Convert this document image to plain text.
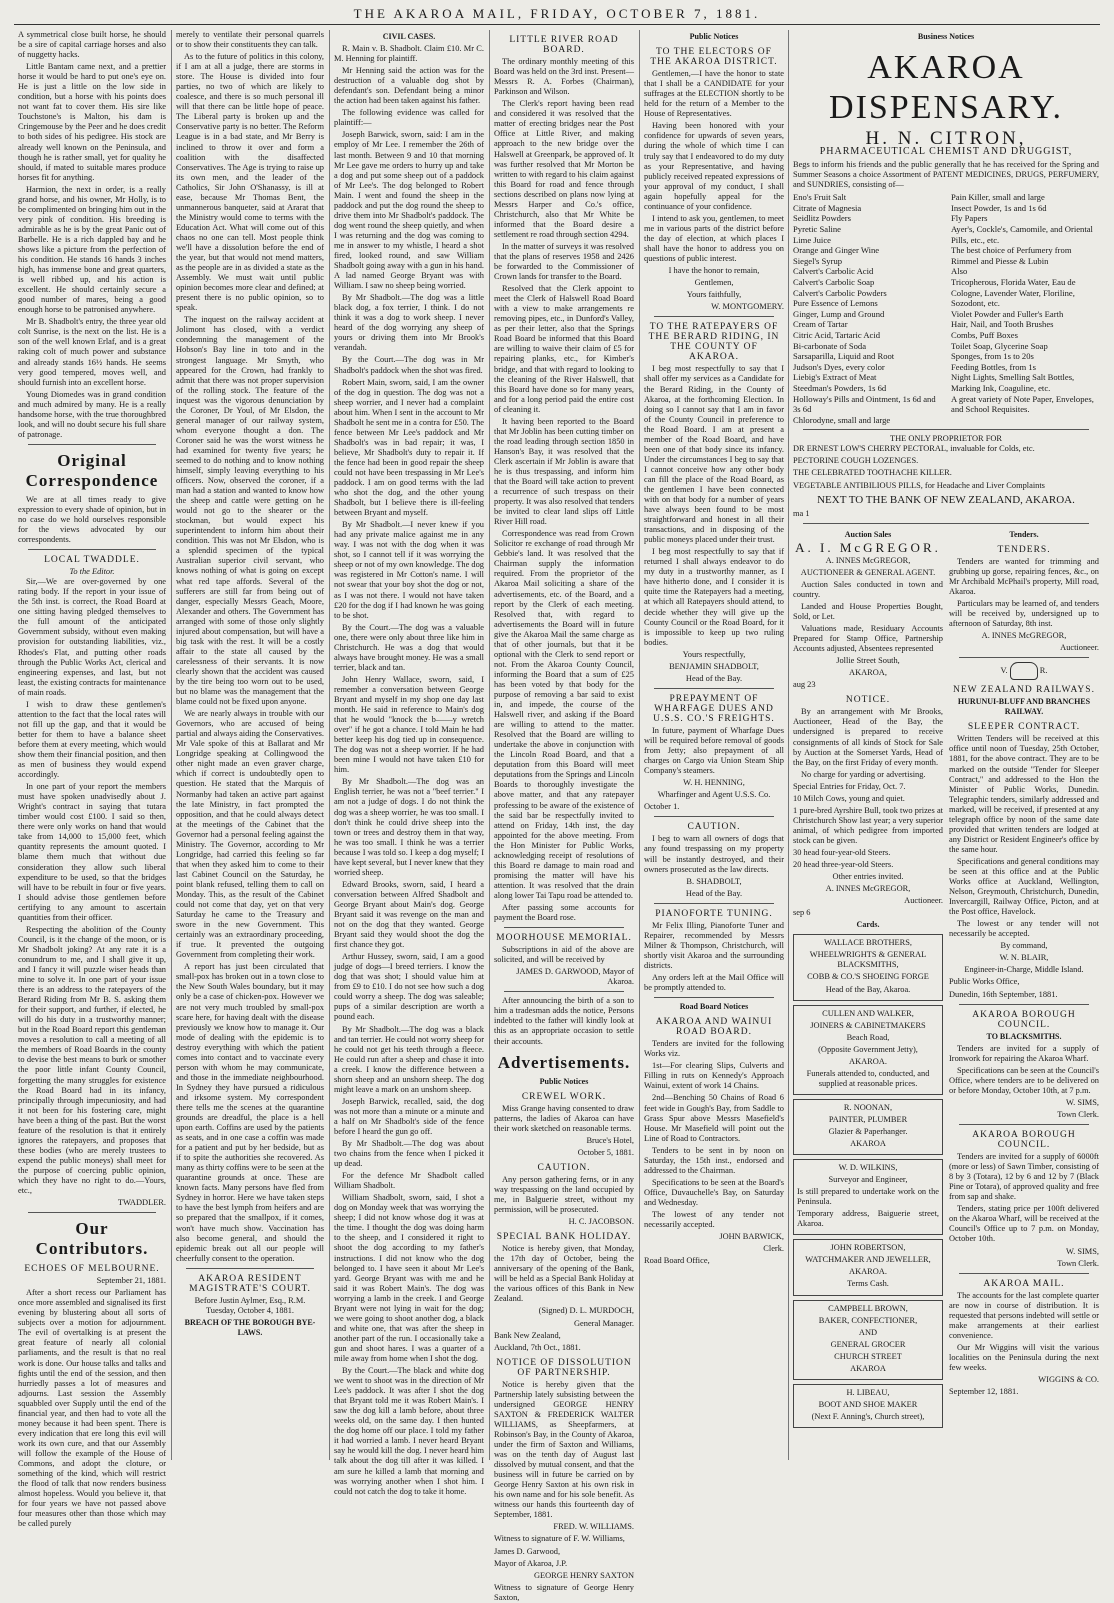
THE AKAROA MAIL, FRIDAY, OCTOBER 7, 1881.

A symmetrical close built horse, he should be a sire of capital carriage horses and also of nuggetty hacks.

Little Bantam came next, and a prettier horse it would be hard to put one's eye on. He is just a little on the low side in condition, but a horse with his points does not want fat to cover them. His sire like Touchstone's is Malton, his dam is Cringemouse by the Peer and he does credit to both sides of his pedigree. His stock are already well known on the Peninsula, and though he is rather small, yet for quality he should, if mated to suitable mares produce horses fit for anything.

Harmion, the next in order, is a really grand horse, and his owner, Mr Holly, is to be complimented on bringing him out in the very pink of condition. His breeding is admirable as he is by the great Panic out of Barbelle. He is a rich dappled bay and he shows like a picture from the perfection of his condition. He stands 16 hands 3 inches high, has immense bone and great quarters, is well ribbed up, and his action is excellent. He should certainly secure a good number of mares, being a good enough horse to be patronised anywhere.

Mr B. Shadbolt's entry, the three year old colt Sunrise, is the next on the list. He is a son of the well known Erlaf, and is a great raking colt of much power and substance and already stands 16½ hands. He seems very good tempered, moves well, and should furnish into an excellent horse.

Young Diomedes was in grand condition and much admired by many. He is a really handsome horse, with the true thoroughbred look, and will no doubt secure his full share of patronage.

Original Correspondence

We are at all times ready to give expression to every shade of opinion, but in no case do we hold ourselves responsible for the views advocated by our correspondents.

LOCAL TWADDLE.
To the Editor.

Sir,—We are over-governed by one rating body. If the report in your issue of the 5th inst. is correct, the Road Board at one sitting having pledged themselves to the full amount of the anticipated Government subsidy, without even making provision for outstanding liabilities, viz., Rhodes's Flat, and putting other roads through the Public Works Act, clerical and engineering expenses, and last, but not least, the existing contracts for maintenance of main roads.

I wish to draw these gentlemen's attention to the fact that the local rates will not fill up the gap, and that it would be better for them to have a balance sheet before them at every meeting, which would show them their financial position, and then as men of business they would expend accordingly.

In one part of your report the members must have spoken unadvisedly about J. Wright's contract in saying that tutara timber would cost £100. I said so then, there were only works on hand that would take from 14,000 to 15,000 feet, which quantity represents the amount quoted. I blame them much that without due consideration they allow such liberal expenditure to be used, so that the bridges will have to be rebuilt in four or five years. I should advise those gentlemen before certifying to any amount to ascertain quantities from their officer.

Respecting the abolition of the County Council, is it the change of the moon, or is Mr Shadbolt joking? At any rate it is a conundrum to me, and I shall give it up, and I fancy it will puzzle wiser heads than mine to solve it. In one part of your issue there is an address to the ratepayers of the Berard Riding from Mr B. S. asking them for their support, and further, if elected, he will do his duty in a trustworthy manner; but in the Road Board report this gentleman moves a resolution to call a meeting of all the members of Road Boards in the county to devise the best means to burk or smother the poor little infant County Council, forgetting the many struggles for existence the Road Board had in its infancy, principally through impecuniosity, and had it not been for his fostering care, might have been a thing of the past. But the worst feature of the resolution is that it entirely ignores the ratepayers, and proposes that these bodies (who are merely trustees to expend the public moneys) shall meet for the purpose of coercing public opinion, which they have no right to do.—Yours, etc.,

TWADDLER.

Our Contributors.
ECHOES OF MELBOURNE.

September 21, 1881.

After a short recess our Parliament has once more assembled and signalised its first evening by blustering about all sorts of subjects over a motion for adjournment. The evil of overtalking is at present the great feature of nearly all colonial parliaments, and the result is that no real work is done. Our house talks and talks and fights until the end of the session, and then hurriedly passes a lot of measures and adjourns. Last session the Assembly squabbled over Supply until the end of the financial year, and then had to vote all the money because it had been spent. There is every indication that ere long this evil will work its own cure, and that our Assembly will follow the example of the House of Commons, and adopt the cloture, or something of the kind, which will restrict the flood of talk that now renders business almost hopeless. Would you believe it, that for four years we have not passed above four measures other than those which may be called purely

merely to ventilate their personal quarrels or to show their constituents they can talk.

As to the future of politics in this colony, if I am at all a judge, there are storms in store. The House is divided into four parties, no two of which are likely to coalesce, and there is so much personal ill will that there can be little hope of peace. The Liberal party is broken up and the Conservative party is no better. The Reform League is in a bad state, and Mr Berry is inclined to throw it over and form a coalition with the disaffected Conservatives. The Age is trying to raise up its own men, and the leader of the Catholics, Sir John O'Shanassy, is ill at ease, because Mr Thomas Bent, the unmannerous banqueter, said at Ararat that the Ministry would come to terms with the Education Act. What will come out of this chaos no one can tell. Most people think we'll have a dissolution before the end of the year, but that would not mend matters, as the people are in as divided a state as the Assembly. We must wait until public opinion becomes more clear and defined; at present there is no public opinion, so to speak.

The inquest on the railway accident at Jolimont has closed, with a verdict condemning the management of the Hobson's Bay line in toto and in the strongest language. Mr Smyth, who appeared for the Crown, had frankly to admit that there was not proper supervision of the rolling stock. The feature of the inquest was the vigorous denunciation by the Coroner, Dr Youl, of Mr Elsdon, the general manager of our railway system, whom everyone thought a don. The Coroner said he was the worst witness he had examined for twenty five years; he seemed to do nothing and to know nothing himself, simply leaving everything to his officers. Now, observed the coroner, if a man had a station and wanted to know how the sheep and cattle were getting on he would not go to the shearer or the stockman, but would expect his superintendent to inform him about their condition. This was not Mr Elsdon, who is a splendid specimen of the typical Australian superior civil servant, who knows nothing of what is going on except what red tape affords. Several of the sufferers are still far from being out of danger, especially Messrs Geach, Moore, Alexander and others. The Government has arranged with some of those only slightly injured about compensation, but will have a big task with the rest. It will be a costly affair to the state all caused by the carelessness of their servants. It is now clearly shown that the accident was caused by the tire being too worn out to be used, but no blame was the management that the blame could not be fixed upon anyone.

We are nearly always in trouble with our Governors, who are accused of being partial and always aiding the Conservatives. Mr Vale spoke of this at Ballarat and Mr Longridge speaking at Collingwood the other night made an even graver charge, which if correct is undoubtedly open to question. He stated that the Marquis of Normanby had taken an active part against the late Ministry, in fact prompted the opposition, and that he could always detect at the meetings of the Cabinet that the Governor had a personal feeling against the Ministry. The Governor, according to Mr Longridge, had carried this feeling so far that when they asked him to come to their last Cabinet Council on the Saturday, he point blank refused, telling them to call on Monday. This, as the result of the Cabinet could not come that day, yet on that very Saturday he came to the Treasury and swore in the new Government. This certainly was an extraordinary proceeding, if true. It prevented the outgoing Government from completing their work.

A report has just been circulated that small-pox has broken out in a town close to the New South Wales boundary, but it may only be a case of chicken-pox. However we are not very much troubled by small-pox scare here, for having dealt with the disease previously we know how to manage it. Our mode of dealing with the epidemic is to destroy everything with which the patient comes into contact and to vaccinate every person with whom he may communicate, and those in the immediate neighbourhood. In Sydney they have pursued a ridiculous and irksome system. My correspondent there tells me the scenes at the quarantine grounds are dreadful, the place is a hell upon earth. Coffins are used by the patients as seats, and in one case a coffin was made for a patient and put by her bedside, but as if to spite the authorities she recovered. As many as thirty coffins were to be seen at the quarantine grounds at once. These are known facts. Many persons have fled from Sydney in horror. Here we have taken steps to have the best lymph from heifers and are so prepared that the smallpox, if it comes, won't have much show. Vaccination has also become general, and should the epidemic break out all our people will cheerfully consent to the operation.

AKAROA RESIDENT MAGISTRATE'S COURT.
Before Justin Aylmer, Esq., R.M.
Tuesday, October 4, 1881.
BREACH OF THE BOROUGH BYE-LAWS.
CIVIL CASES.

R. Main v. B. Shadbolt. Claim £10. Mr C. M. Henning for plaintiff.

Mr Henning said the action was for the destruction of a valuable dog shot by defendant's son. Defendant being a minor the action had been taken against his father.

The following evidence was called for plaintiff:—

Joseph Barwick, sworn, said: I am in the employ of Mr Lee. I remember the 26th of last month. Between 9 and 10 that morning Mr Lee gave me orders to hurry up and take a dog and put some sheep out of a paddock of Mr Lee's. The dog belonged to Robert Main. I went and found the sheep in the paddock and put the dog round the sheep to drive them into Mr Shadbolt's paddock. The dog went round the sheep quietly, and when I was returning and the dog was coming to me in answer to my whistle, I heard a shot fired, looked round, and saw William Shadbolt going away with a gun in his hand. A lad named George Bryant was with William. I saw no sheep being worried.

By Mr Shadbolt.—The dog was a little black dog, a fox terrier, I think. I do not think it was a dog to work sheep. I never heard of the dog worrying any sheep of yours or driving them into Mr Brook's verandah.

By the Court.—The dog was in Mr Shadbolt's paddock when the shot was fired.

Robert Main, sworn, said, I am the owner of the dog in question. The dog was not a sheep worrier, and I never had a complaint about him. When I sent in the account to Mr Shadbolt he sent me in a contra for £50. The fence between Mr Lee's paddock and Mr Shadbolt's was in bad repair; it was, I believe, Mr Shadbolt's duty to repair it. If the fence had been in good repair the sheep could not have been trespassing in Mr Lee's paddock. I am on good terms with the lad who shot the dog, and the other young Shadbolt, but I believe there is ill-feeling between Bryant and myself.

By Mr Shadbolt.—I never knew if you had any private malice against me in any way. I was not with the dog when it was shot, so I cannot tell if it was worrying the sheep or not of my own knowledge. The dog was registered in Mr Cotton's name. I will not swear that your boy shot the dog or not, as I was not there. I would not have taken £20 for the dog if I had known he was going to be shot.

By the Court.—The dog was a valuable one, there were only about three like him in Christchurch. He was a dog that would always have brought money. He was a small terrier, black and tan.

John Henry Wallace, sworn, said, I remember a conversation between George Bryant and myself in my shop one day last month. He said in reference to Main's dog that he would "knock the b——y wretch over" if he got a chance. I told Main he had better keep his dog tied up in consequence. The dog was not a sheep worrier. If he had been mine I would not have taken £10 for him.

By Mr Shadbolt.—The dog was an English terrier, he was not a "beef terrier." I am not a judge of dogs. I do not think the dog was a sheep worrier, he was too small. I don't think he could drive sheep into the town or trees and destroy them in that way, he was too small. I think he was a terrier because I was told so. I keep a dog myself; I have kept several, but I never knew that they worried sheep.

Edward Brooks, sworn, said, I heard a conversation between Alfred Shadbolt and George Bryant about Main's dog. George Bryant said it was revenge on the man and not on the dog that they wanted. George Bryant said they would shoot the dog the first chance they got.

Arthur Hussey, sworn, said, I am a good judge of dogs—I breed terriers. I know the dog that was shot; I should value him at from £9 to £10. I do not see how such a dog could worry a sheep. The dog was saleable; pups of a similar description are worth a pound each.

By Mr Shadbolt.—The dog was a black and tan terrier. He could not worry sheep for he could not get his teeth through a fleece. He could run after a sheep and chase it into a creek. I know the difference between a shorn sheep and an unshorn sheep. The dog might leave a mark on an unshorn sheep.

Joseph Barwick, recalled, said, the dog was not more than a minute or a minute and a half on Mr Shadbolt's side of the fence before I heard the gun go off.

By Mr Shadbolt.—The dog was about two chains from the fence when I picked it up dead.

For the defence Mr Shadbolt called William Shadbolt.

William Shadbolt, sworn, said, I shot a dog on Monday week that was worrying the sheep; I did not know whose dog it was at the time. I thought the dog was doing harm to the sheep, and I considered it right to shoot the dog according to my father's instructions. I did not know who the dog belonged to. I have seen it about Mr Lee's yard. George Bryant was with me and he said it was Robert Main's. The dog was worrying a lamb in the creek. I and George Bryant were not lying in wait for the dog; we were going to shoot another dog, a black and white one, that was after the sheep in another part of the run. I occasionally take a gun and shoot hares. I was a quarter of a mile away from home when I shot the dog.

By the Court.—The black and white dog we went to shoot was in the direction of Mr Lee's paddock. It was after I shot the dog that Bryant told me it was Robert Main's. I saw the dog kill a lamb before, about three weeks old, on the same day. I then hunted the dog home off our place. I told my father it had worried a lamb. I never heard Bryant say he would kill the dog. I never heard him talk about the dog till after it was killed. I am sure he killed a lamb that morning and was worrying another when I shot him. I could not catch the dog to take it home.

LITTLE RIVER ROAD BOARD.

The ordinary monthly meeting of this Board was held on the 3rd inst. Present—Messrs R. A. Forbes (Chairman), Parkinson and Wilson.

The Clerk's report having been read and considered it was resolved that the matter of erecting bridges near the Post Office at Little River, and making approach to the new bridge over the Halswell at Greenpark, be approved of. It was further resolved that Mr Morton be written to with regard to his claim against this Board for road and fence through sections described on plans now lying at Messrs Harper and Co.'s office, Christchurch, also that Mr White be informed that the Board desire a settlement re road through section 4294.

In the matter of surveys it was resolved that the plans of reserves 1958 and 2426 be forwarded to the Commissioner of Crown lands for transfer to the Board.

Resolved that the Clerk appoint to meet the Clerk of Halswell Road Board with a view to make arrangements re removing pipes, etc., in Dunford's Valley, as per their letter, also that the Springs Road Board be informed that this Board are willing to waive their claim of £5 for repairing planks, etc., for Kimber's bridge, and that with regard to looking to the cleaning of the River Halswell, that this Board have done so for many years, and for a long period paid the entire cost of cleaning it.

It having been reported to the Board that Mr Joblin has been cutting timber on the road leading through section 1850 in Hanson's Bay, it was resolved that the Clerk ascertain if Mr Joblin is aware that he is thus trespassing, and inform him that the Board will take action to prevent a recurrence of such trespass on their property. It was also resolved that tenders be invited to clear land slips off Little River Hill road.

Correspondence was read from Crown Solicitor re exchange of road through Mr Gebbie's land. It was resolved that the Chairman supply the information required. From the proprietor of the Akaroa Mail soliciting a share of the advertisements, etc. of the Board, and a report by the Clerk of each meeting. Resolved that, with regard to advertisements the Board will in future give the Akaroa Mail the same charge as that of other journals, but that it be optional with the Clerk to send report or not. From the Akaroa County Council, informing the Board that a sum of £25 has been voted by that body for the purpose of removing a bar said to exist in, and impede, the course of the Halswell river, and asking if the Board are willing to attend to the matter. Resolved that the Board are willing to undertake the above in conjunction with the Lincoln Road Board, and that a deputation from this Board will meet deputations from the Springs and Lincoln Boards to thoroughly investigate the above matter, and that any ratepayer professing to be aware of the existence of the said bar be respectfully invited to attend on Friday, 14th inst, the day appointed for the above meeting. From the Hon Minister for Public Works, acknowledging receipt of resolutions of this Board re damage to main road and promising the matter will have his attention. It was resolved that the drain along lower Tai Tapu road be attended to.

After passing some accounts for payment the Board rose.

MOORHOUSE MEMORIAL.

Subscriptions in aid of the above are solicited, and will be received by

JAMES D. GARWOOD, Mayor of Akaroa.

After announcing the birth of a son to him a tradesman adds the notice, Persons indebted to the father will kindly look at this as an appropriate occasion to settle their accounts.

Advertisements.
Public Notices
CREWEL WORK.

Miss Grange having consented to draw patterns, the ladies of Akaroa can have their work sketched on reasonable terms.

Bruce's Hotel,

October 5, 1881.

CAUTION.

Any person gathering ferns, or in any way trespassing on the land occupied by me, in Balguerie street, without my permission, will be prosecuted.

H. C. JACOBSON.

SPECIAL BANK HOLIDAY.

Notice is hereby given, that Monday, the 17th day of October, being the anniversary of the opening of the Bank, will be held as a Special Bank Holiday at the various offices of this Bank in New Zealand.

(Signed) D. L. MURDOCH,

General Manager.

Bank New Zealand,

Auckland, 7th Oct., 1881.

NOTICE OF DISSOLUTION OF PARTNERSHIP.

Notice is hereby given that the Partnership lately subsisting between the undersigned GEORGE HENRY SAXTON & FREDERICK WALTER WILLIAMS, as Sheepfarmers, at Robinson's Bay, in the County of Akaroa, under the firm of Saxton and Williams, was on the tenth day of August last dissolved by mutual consent, and that the business will in future be carried on by George Henry Saxton at his own risk in his own name and for his sole benefit. As witness our hands this fourteenth day of September, 1881.

FRED. W. WILLIAMS.

Witness to signature of F. W. Williams,

James D. Garwood,

Mayor of Akaroa, J.P.

GEORGE HENRY SAXTON

Witness to signature of George Henry Saxton,

Public Notices
TO THE ELECTORS OF THE AKAROA DISTRICT.

Gentlemen,—I have the honor to state that I shall be a CANDIDATE for your suffrages at the ELECTION shortly to be held for the return of a Member to the House of Representatives.

Having been honored with your confidence for upwards of seven years, during the whole of which time I can truly say that I endeavored to do my duty as your Representative, and having publicly received repeated expressions of your approval of my conduct, I shall again hopefully appeal for the continuance of your confidence.

I intend to ask you, gentlemen, to meet me in various parts of the district before the day of election, at which places I shall have the honor to address you on questions of public interest.

I have the honor to remain,

Gentlemen,

Yours faithfully,

W. MONTGOMERY.

TO THE RATEPAYERS OF THE BERARD RIDING, IN THE COUNTY OF AKAROA.

I beg most respectfully to say that I shall offer my services as a Candidate for the Berard Riding, in the County of Akaroa, at the forthcoming Election. In doing so I cannot say that I am in favor of the County Council in preference to the Road Board. I am at present a member of the Road Board, and have been one of that body since its infancy. Under the circumstances I beg to say that I cannot conceive how any other body can fill the place of the Road Board, as the gentlemen I have been connected with on that body for a number of years have always been found to be most straightforward and honest in all their transactions, and in disposing of the public moneys placed under their trust.

I beg most respectfully to say that if returned I shall always endeavor to do my duty in a trustworthy manner, as I have hitherto done, and I consider it is quite time the Ratepayers had a meeting, at which all Ratepayers should attend, to decide whether they will give up the County Council or the Road Board, for it is impossible to keep up two ruling bodies.

Yours respectfully,

BENJAMIN SHADBOLT,

Head of the Bay.

PREPAYMENT OF WHARFAGE DUES AND U.S.S. CO.'S FREIGHTS.

In future, payment of Wharfage Dues will be required before removal of goods from Jetty; also prepayment of all charges on Cargo via Union Steam Ship Company's steamers.

W. H. HENNING,

Wharfinger and Agent U.S.S. Co.

October 1.

CAUTION.

I beg to warn all owners of dogs that any found trespassing on my property will be instantly destroyed, and their owners prosecuted as the law directs.

B. SHADBOLT,

Head of the Bay.

PIANOFORTE TUNING.

Mr Felix Illing, Pianoforte Tuner and Repairer, recommended by Messrs Milner & Thompson, Christchurch, will shortly visit Akaroa and the surrounding districts.

Any orders left at the Mail Office will be promptly attended to.

Road Board Notices
AKAROA AND WAINUI ROAD BOARD.

Tenders are invited for the following Works viz.

1st—For clearing Slips, Culverts and Filling in ruts on Kennedy's Approach Wainui, extent of work 14 Chains.

2nd—Benching 50 Chains of Road 6 feet wide in Gough's Bay, from Saddle to Grass Spur above Messrs Masefield's House. Mr Masefield will point out the Line of Road to Contractors.

Tenders to be sent in by noon on Saturday, the 15th inst., endorsed and addressed to the Chairman.

Specifications to be seen at the Board's Office, Duvauchelle's Bay, on Saturday and Wednesday.

The lowest of any tender not necessarily accepted.

JOHN BARWICK,

Clerk.

Road Board Office,

Business Notices
AKAROA DISPENSARY.
H. N. CITRON,
PHARMACEUTICAL CHEMIST AND DRUGGIST,

Begs to inform his friends and the public generally that he has received for the Spring and Summer Seasons a choice Assortment of PATENT MEDICINES, DRUGS, PERFUMERY, and SUNDRIES, consisting of—

Eno's Fruit Salt
Citrate of Magnesia
Seidlitz Powders
Pyretic Saline
Lime Juice
Orange and Ginger Wine
Siegel's Syrup
Calvert's Carbolic Acid
Calvert's Carbolic Soap
Calvert's Carbolic Powders
Pure Essence of Lemons
Ginger, Lump and Ground
Cream of Tartar
Citric Acid, Tartaric Acid
Bi-carbonate of Soda
Sarsaparilla, Liquid and Root
Judson's Dyes, every color
Liebig's Extract of Meat
Steedman's Powders, 1s 6d
Holloway's Pills and Ointment, 1s 6d and 3s 6d
Chlorodyne, small and large
Pain Killer, small and large
Insect Powder, 1s and 1s 6d
Fly Papers
Ayer's, Cockle's, Camomile, and Oriental Pills, etc., etc.
The best choice of Perfumery from Rimmel and Piesse & Lubin
Also
Tricopherous, Florida Water, Eau de Cologne, Lavender Water, Floriline, Sozodont, etc.
Violet Powder and Fuller's Earth
Hair, Nail, and Tooth Brushes
Combs, Puff Boxes
Toilet Soap, Glycerine Soap
Sponges, from 1s to 20s
Feeding Bottles, from 1s
Night Lights, Smelling Salt Bottles, Marking Ink, Coaguline, etc.
A great variety of Note Paper, Envelopes, and School Requisites.
THE ONLY PROPRIETOR FOR

DR ERNEST LOW'S CHERRY PECTORAL, invaluable for Colds, etc.

PECTORINE COUGH LOZENGES.

THE CELEBRATED TOOTHACHE KILLER.

VEGETABLE ANTIBILIOUS PILLS, for Headache and Liver Complaints

NEXT TO THE BANK OF NEW ZEALAND, AKAROA.

ma 1

Auction Sales
A. I. McGREGOR.

A. INNES McGREGOR,

AUCTIONEER & GENERAL AGENT.

Auction Sales conducted in town and country.

Landed and House Properties Bought, Sold, or Let.

Valuations made, Residuary Accounts Prepared for Stamp Office, Partnership Accounts adjusted, Absentees represented

Jollie Street South,

AKAROA,

aug 23

NOTICE.

By an arrangement with Mr Brooks, Auctioneer, Head of the Bay, the undersigned is prepared to receive consignments of all kinds of Stock for Sale by Auction at the Somerset Yards, Head of the Bay, on the first Friday of every month.

No charge for yarding or advertising.

Special Entries for Friday, Oct. 7.

10 Milch Cows, young and quiet.

1 pure-bred Ayrshire Bull, took two prizes at Christchurch Show last year; a very superior animal, of which pedigree from imported stock can be given.

30 head four-year-old Steers.

20 head three-year-old Steers.

Other entries invited.

A. INNES McGREGOR,

Auctioneer.

sep 6

Cards.

WALLACE BROTHERS,

WHEELWRIGHTS & GENERAL BLACKSMITHS,

COBB & CO.'S SHOEING FORGE

Head of the Bay, Akaroa.

CULLEN AND WALKER,

JOINERS & CABINETMAKERS

Beach Road,

(Opposite Government Jetty),

AKAROA.

Funerals attended to, conducted, and supplied at reasonable prices.

R. NOONAN,

PAINTER, PLUMBER

Glazier & Paperhanger.

AKAROA

W. D. WILKINS,

Surveyor and Engineer,

Is still prepared to undertake work on the Peninsula.

Temporary address, Baiguerie street, Akaroa.

JOHN ROBERTSON,

WATCHMAKER AND JEWELLER,

AKAROA.

Terms Cash.

CAMPBELL BROWN,

BAKER, CONFECTIONER,

AND

GENERAL GROCER

CHURCH STREET

AKAROA

H. LIBEAU,

BOOT AND SHOE MAKER

(Next F. Anning's, Church street),

Tenders.
TENDERS.

Tenders are wanted for trimming and grubbing up gorse, repairing fences, &c., on Mr Archibald McPhail's property, Mill road, Akaroa.

Particulars may be learned of, and tenders will be received by, undersigned up to afternoon of Saturday, 8th inst.

A. INNES McGREGOR,

Auctioneer.

V.	R.
NEW ZEALAND RAILWAYS.
HURUNUI-BLUFF AND BRANCHES RAILWAY.
SLEEPER CONTRACT.

Written Tenders will be received at this office until noon of Tuesday, 25th October, 1881, for the above contract. They are to be marked on the outside "Tender for Sleeper Contract," and addressed to the Hon the Minister of Public Works, Dunedin. Telegraphic tenders, similarly addressed and marked, will be received, if presented at any telegraph office by noon of the same date provided that written tenders are lodged at any District or Resident Engineer's office by the same hour.

Specifications and general conditions may be seen at this office and at the Public Works office at Auckland, Wellington, Nelson, Greymouth, Christchurch, Dunedin, Invercargill, Railway Office, Picton, and at the Post office, Havelock.

The lowest or any tender will not necessarily be accepted.

By command,

W. N. BLAIR,

Engineer-in-Charge, Middle Island.

Public Works Office,

Dunedin, 16th September, 1881.

AKAROA BOROUGH COUNCIL.
TO BLACKSMITHS.

Tenders are invited for a supply of Ironwork for repairing the Akaroa Wharf.

Specifications can be seen at the Council's Office, where tenders are to be delivered on or before Monday, October 10th, at 7 p.m.

W. SIMS,

Town Clerk.

AKAROA BOROUGH COUNCIL.

Tenders are invited for a supply of 6000ft (more or less) of Sawn Timber, consisting of 8 by 3 (Totara), 12 by 6 and 12 by 7 (Black Pine or Totara), of approved quality and free from sap and shake.

Tenders, stating price per 100ft delivered on the Akaroa Wharf, will be received at the Council's Office up to 7 p.m. on Monday, October 10th.

W. SIMS,

Town Clerk.

AKAROA MAIL.

The accounts for the last complete quarter are now in course of distribution. It is requested that persons indebted will settle or make arrangements at their earliest convenience.

Our Mr Wiggins will visit the various localities on the Peninsula during the next few weeks.

WIGGINS & CO.

September 12, 1881.
